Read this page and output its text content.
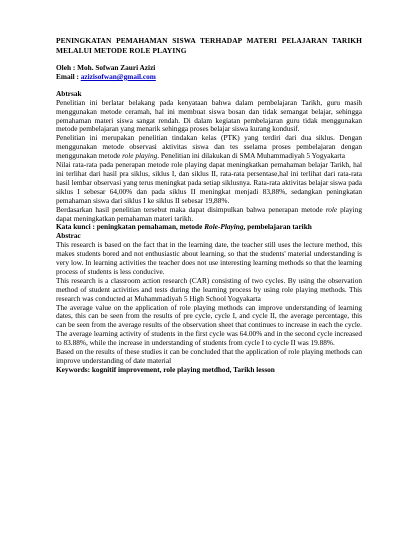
PENINGKATAN PEMAHAMAN SISWA TERHADAP MATERI PELAJARAN TARIKH MELALUI METODE ROLE PLAYING
Oleh : Moh. Sofwan Zauri Azizi
Email : azizisofwan@gmail.com
Abtrsak

Penelitian ini berlatar belakang pada kenyataan bahwa dalam pembelajaran Tarikh, guru masih menggunakan metode ceramah, hal ini membuat siswa bosan dan tidak semangat belajar, sehingga pemahaman materi siswa sangat rendah. Di dalam kegiatan pembelajaran guru tidak menggunakan metode pembelajaran yang menarik sehingga proses belajar siswa kurang kondusif.

Penelitian ini merupakan penelitian tindakan kelas (PTK) yang terdiri dari dua siklus. Dengan menggunakan metode observasi aktivitas siswa dan tes sselama proses pembelajaran dengan menggunakan metode role playing. Penelitian ini dilakukan di SMA Muhammadiyah 5 Yogyakarta

Nilai rata-rata pada penerapan metode role playing dapat meningkatkan pemahaman belajar Tarikh, hal ini terlihat dari hasil pra siklus, siklus I, dan siklus II, rata-rata persentase,hal ini terlihat dari rata-rata hasil lembar observasi yang terus meningkat pada setiap siklusnya. Rata-rata aktivitas belajar siswa pada siklus I sebesar 64,00% dan pada siklus II meningkat menjadi 83,88%, sedangkan peningkatan pemahaman siswa dari siklus I ke siklus II sebesar 19,88%.

Berdasarkan hasil penelitian tersebut maka dapat disimpulkan bahwa penerapan metode role playing dapat meningkatkan pemahaman materi tarikh.

Kata kunci : peningkatan pemahaman, metode Role-Playing, pembelajaran tarikh
Abstrac

This research is based on the fact that in the learning date, the teacher still uses the lecture method, this makes students bored and not enthusiastic about learning, so that the students' material understanding is very low. In learning activities the teacher does not use interesting learning methods so that the learning process of students is less conducive.

This research is a classroom action research (CAR) consisting of two cycles. By using the observation method of student activities and tests during the learning process by using role playing methods. This research was conducted at Muhammadiyah 5 High School Yogyakarta

The average value on the application of role playing methods can improve understanding of learning dates, this can be seen from the results of pre cycle, cycle I, and cycle II, the average percentage, this can be seen from the average results of the observation sheet that continues to increase in each the cycle. The average learning activity of students in the first cycle was 64.00% and in the second cycle increased to 83.88%, while the increase in understanding of students from cycle I to cycle II was 19.88%.

Based on the results of these studies it can be concluded that the application of role playing methods can improve understanding of date material

Keywords: kognitif improvement, role playing metdhod, Tarikh lesson
